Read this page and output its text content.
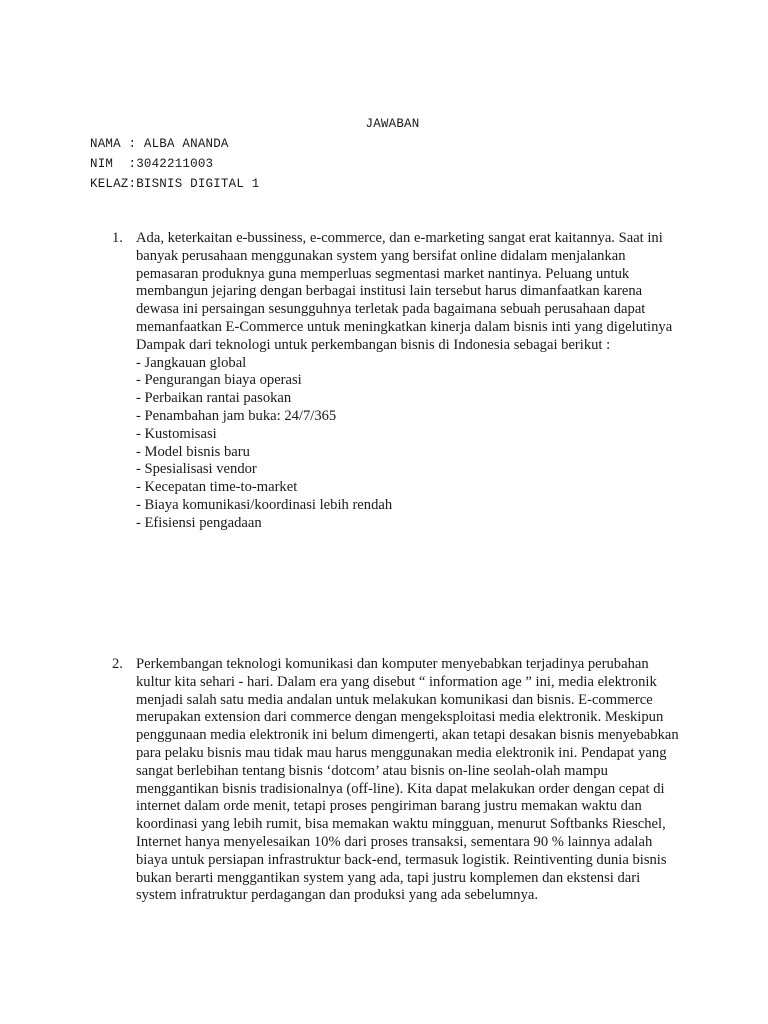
JAWABAN
NAMA : ALBA ANANDA
NIM  :3042211003
KELAZ:BISNIS DIGITAL 1
1. Ada, keterkaitan e-bussiness, e-commerce, dan e-marketing sangat erat kaitannya. Saat ini banyak perusahaan menggunakan system yang bersifat online didalam menjalankan pemasaran produknya guna memperluas segmentasi market nantinya. Peluang untuk membangun jejaring dengan berbagai institusi lain tersebut harus dimanfaatkan karena dewasa ini persaingan sesungguhnya terletak pada bagaimana sebuah perusahaan dapat memanfaatkan E-Commerce untuk meningkatkan kinerja dalam bisnis inti yang digelutinya

Dampak dari teknologi untuk perkembangan bisnis di Indonesia sebagai berikut :

- Jangkauan global
- Pengurangan biaya operasi
- Perbaikan rantai pasokan
- Penambahan jam buka: 24/7/365
- Kustomisasi
- Model bisnis baru
- Spesialisasi vendor
- Kecepatan time-to-market
- Biaya komunikasi/koordinasi lebih rendah
- Efisiensi pengadaan
2. Perkembangan teknologi komunikasi dan komputer menyebabkan terjadinya perubahan kultur kita sehari - hari. Dalam era yang disebut “ information age ” ini, media elektronik menjadi salah satu media andalan untuk melakukan komunikasi dan bisnis. E-commerce merupakan extension dari commerce dengan mengeksploitasi media elektronik. Meskipun penggunaan media elektronik ini belum dimengerti, akan tetapi desakan bisnis menyebabkan para pelaku bisnis mau tidak mau harus menggunakan media elektronik ini. Pendapat yang sangat berlebihan tentang bisnis ‘dotcom’ atau bisnis on-line seolah-olah mampu menggantikan bisnis tradisionalnya (off-line). Kita dapat melakukan order dengan cepat di internet dalam orde menit, tetapi proses pengiriman barang justru memakan waktu dan koordinasi yang lebih rumit, bisa memakan waktu mingguan, menurut Softbanks Rieschel, Internet hanya menyelesaikan 10% dari proses transaksi, sementara 90 % lainnya adalah biaya untuk persiapan infrastruktur back-end, termasuk logistik. Reintiventing dunia bisnis bukan berarti menggantikan system yang ada, tapi justru komplemen dan ekstensi dari system infratruktur perdagangan dan produksi yang ada sebelumnya.
